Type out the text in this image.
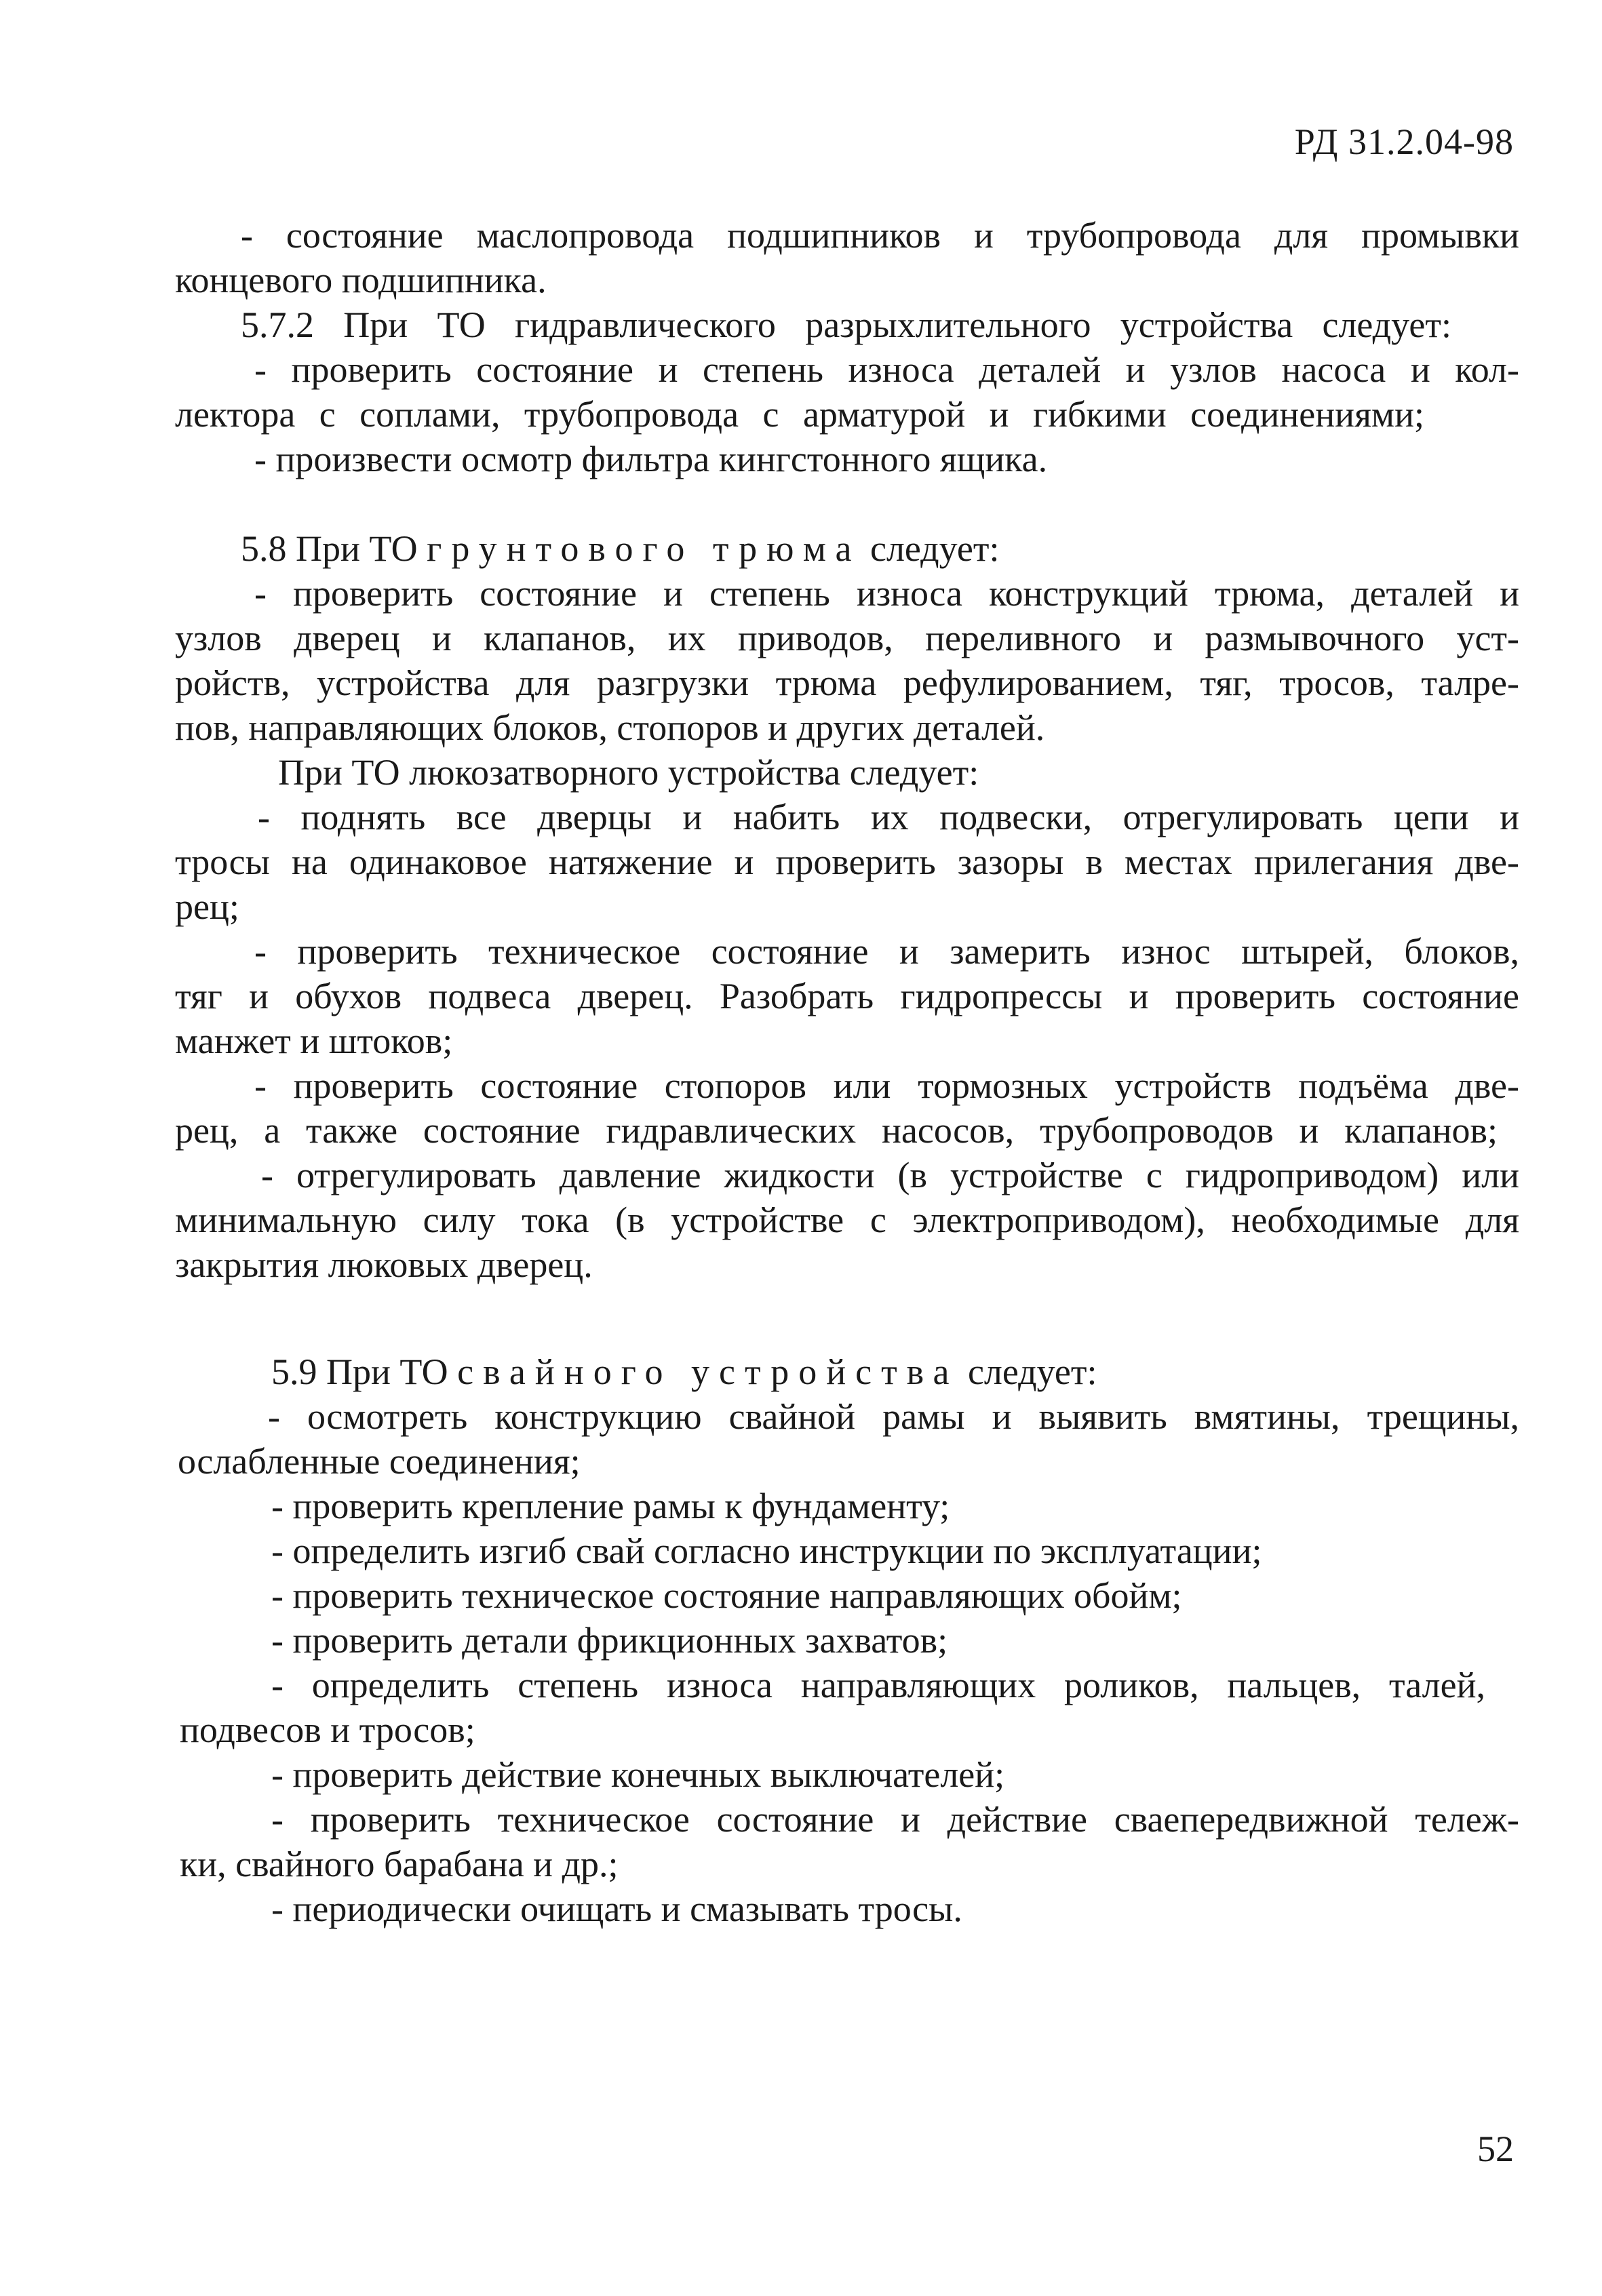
РД 31.2.04-98
- состояние маслопровода подшипников и трубопровода для промывки
концевого подшипника.
5.7.2 При ТО гидравлического разрыхлительного устройства следует:
- проверить состояние и степень износа деталей и узлов насоса и кол-
лектора с соплами, трубопровода с арматурой и гибкими соединениями;
- произвести осмотр фильтра кингстонного ящика.
5.8 При ТО грунтового трюма следует:
- проверить состояние и степень износа конструкций трюма, деталей и
узлов дверец и клапанов, их приводов, переливного и размывочного уст-
ройств, устройства для разгрузки трюма рефулированием, тяг, тросов, талре-
пов, направляющих блоков, стопоров и других деталей.
При ТО люкозатворного устройства следует:
- поднять все дверцы и набить их подвески, отрегулировать цепи и
тросы на одинаковое натяжение и проверить зазоры в местах прилегания две-
рец;
- проверить техническое состояние и замерить износ штырей, блоков,
тяг и обухов подвеса дверец. Разобрать гидропрессы и проверить состояние
манжет и штоков;
- проверить состояние стопоров или тормозных устройств подъёма две-
рец, а также состояние гидравлических насосов, трубопроводов и клапанов;
- отрегулировать давление жидкости (в устройстве с гидроприводом) или
минимальную силу тока (в устройстве с электроприводом), необходимые для
закрытия люковых дверец.
5.9 При ТО свайного устройства следует:
- осмотреть конструкцию свайной рамы и выявить вмятины, трещины,
ослабленные соединения;
- проверить крепление рамы к фундаменту;
- определить изгиб свай согласно инструкции по эксплуатации;
- проверить техническое состояние направляющих обойм;
- проверить детали фрикционных захватов;
- определить степень износа направляющих роликов, пальцев, талей,
подвесов и тросов;
- проверить действие конечных выключателей;
- проверить техническое состояние и действие сваепередвижной тележ-
ки, свайного барабана и др.;
- периодически очищать и смазывать тросы.
52
